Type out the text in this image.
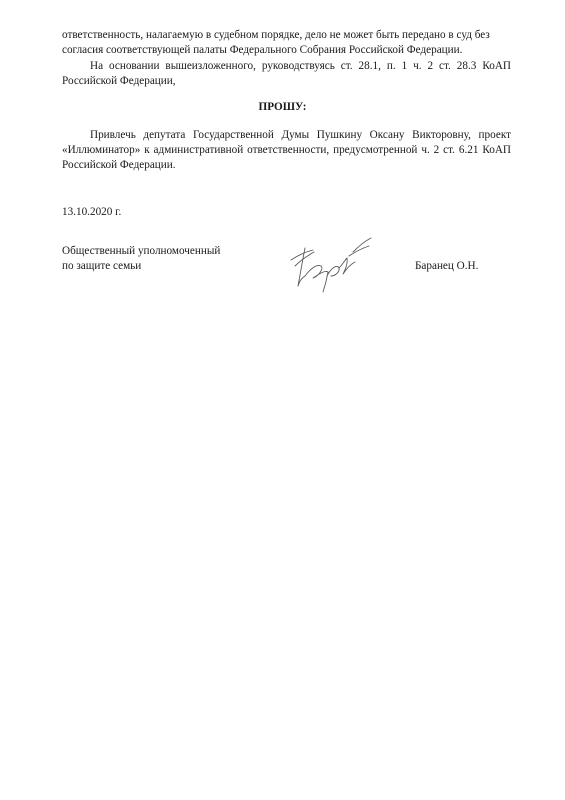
ответственность, налагаемую в судебном порядке, дело не может быть передано в суд без

согласия соответствующей палаты Федерального Собрания Российской Федерации.

На основании вышеизложенного, руководствуясь ст. 28.1, п. 1 ч. 2 ст. 28.3 КоАП Российской Федерации,

ПРОШУ:

Привлечь депутата Государственной Думы Пушкину Оксану Викторовну, проект «Иллюминатор» к административной ответственности, предусмотренной ч. 2 ст. 6.21 КоАП Российской Федерации.

13.10.2020 г.
Общественный уполномоченный
по защите семьи	Баранец О.Н.
